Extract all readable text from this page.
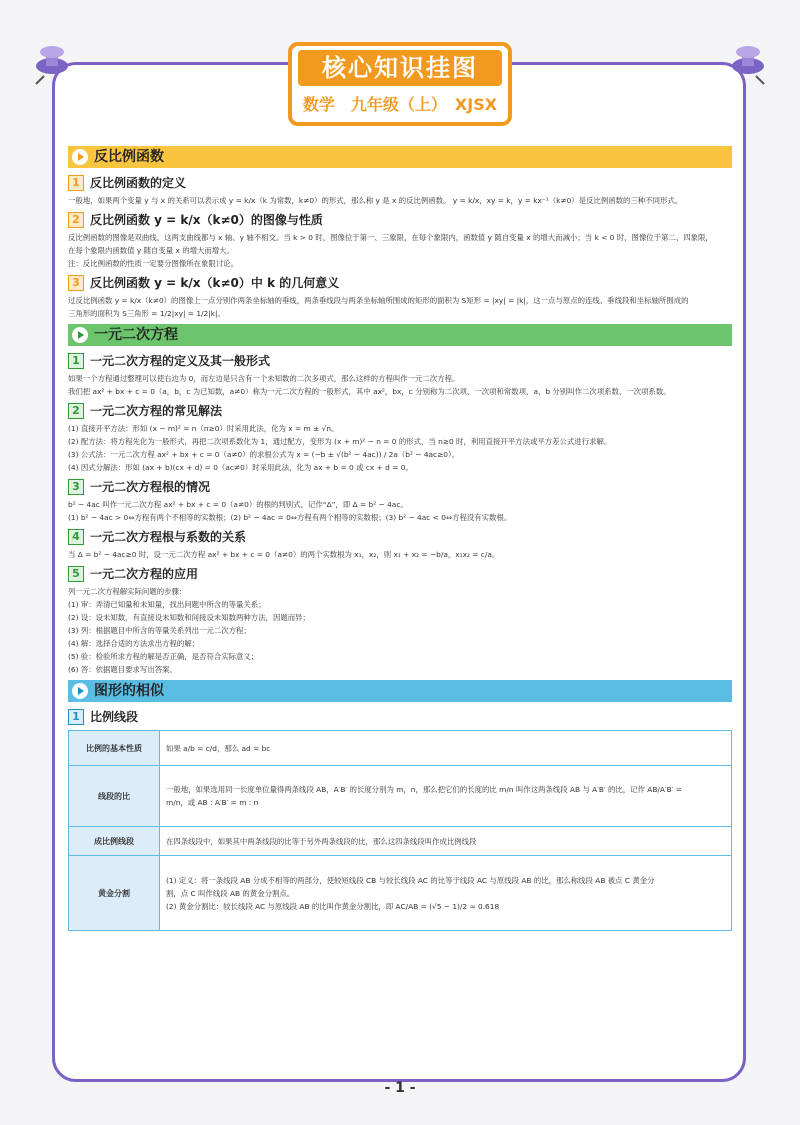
核心知识挂图
数学　九年级（上）　XJSX
反比例函数
1 反比例函数的定义

一般地，如果两个变量 y 与 x 的关系可以表示成 y = k/x（k 为常数，k≠0）的形式，那么称 y 是 x 的反比例函数。 y = k/x，xy = k，y = kx⁻¹（k≠0）是反比例函数的三种不同形式。

2 反比例函数 y = k/x（k≠0）的图像与性质

反比例函数的图像是双曲线，这两支曲线都与 x 轴、y 轴不相交。当 k > 0 时，图像位于第一、三象限，在每个象限内，函数值 y 随自变量 x 的增大而减小；当 k < 0 时，图像位于第二、四象限，

在每个象限内函数值 y 随自变量 x 的增大而增大。

注：反比例函数的性质一定要分图像所在象限讨论。

3 反比例函数 y = k/x（k≠0）中 k 的几何意义

过反比例函数 y = k/x（k≠0）的图像上一点分别作两条坐标轴的垂线，两条垂线段与两条坐标轴所围成的矩形的面积为 S矩形 = |xy| = |k|，这一点与原点的连线、垂线段和坐标轴所围成的

三角形的面积为 S三角形 = 1/2|xy| = 1/2|k|。

一元二次方程
1 一元二次方程的定义及其一般形式

如果一个方程通过整理可以使右边为 0，而左边是只含有一个未知数的二次多项式，那么这样的方程叫作一元二次方程。

我们把 ax² + bx + c = 0（a，b，c 为已知数，a≠0）称为一元二次方程的一般形式，其中 ax²，bx，c 分别称为二次项、一次项和常数项，a，b 分别叫作二次项系数、一次项系数。

2 一元二次方程的常见解法

(1) 直接开平方法：形如 (x − m)² = n（n≥0）时采用此法，化为 x = m ± √n。

(2) 配方法：将方程先化为一般形式，再把二次项系数化为 1，通过配方，变形为 (x + m)² − n = 0 的形式，当 n≥0 时，利用直接开平方法或平方差公式进行求解。

(3) 公式法：一元二次方程 ax² + bx + c = 0（a≠0）的求根公式为 x = (−b ± √(b² − 4ac)) / 2a（b² − 4ac≥0）。

(4) 因式分解法：形如 (ax + b)(cx + d) = 0（ac≠0）时采用此法，化为 ax + b = 0 或 cx + d = 0。

3 一元二次方程根的情况

b² − 4ac 叫作一元二次方程 ax² + bx + c = 0（a≠0）的根的判别式，记作“Δ”，即 Δ = b² − 4ac。

(1) b² − 4ac > 0⇔方程有两个不相等的实数根；(2) b² − 4ac = 0⇔方程有两个相等的实数根；(3) b² − 4ac < 0⇔方程没有实数根。

4 一元二次方程根与系数的关系

当 Δ = b² − 4ac≥0 时，设一元二次方程 ax² + bx + c = 0（a≠0）的两个实数根为 x₁，x₂，则 x₁ + x₂ = −b/a，x₁x₂ = c/a。

5 一元二次方程的应用

列一元二次方程解实际问题的步骤：

(1) 审：弄清已知量和未知量，找出问题中所含的等量关系；

(2) 设：设未知数，有直接设未知数和间接设未知数两种方法，因题而异；

(3) 列：根据题目中所含的等量关系列出一元二次方程；

(4) 解：选择合适的方法求出方程的解；

(5) 验：检验所求方程的解是否正确，是否符合实际意义；

(6) 答：依据题目要求写出答案。

图形的相似
1 比例线段
比例的基本性质	如果 a/b = c/d，那么 ad = bc

线段的比	一般地，如果选用同一长度单位量得两条线段 AB，A′B′ 的长度分别为 m，n，那么把它们的长度的比 m/n 叫作这两条线段 AB 与 A′B′ 的比，记作 AB/A′B′ =
m/n，或 AB : A′B′ = m : n

成比例线段	在四条线段中，如果其中两条线段的比等于另外两条线段的比，那么这四条线段叫作成比例线段

黄金分割	(1) 定义：将一条线段 AB 分成不相等的两部分，使较短线段 CB 与较长线段 AC 的比等于线段 AC 与原线段 AB 的比，那么称线段 AB 被点 C 黄金分
割，点 C 叫作线段 AB 的黄金分割点。
(2) 黄金分割比：较长线段 AC 与原线段 AB 的比叫作黄金分割比，即 AC/AB = (√5 − 1)/2 ≈ 0.618
- 1 -
